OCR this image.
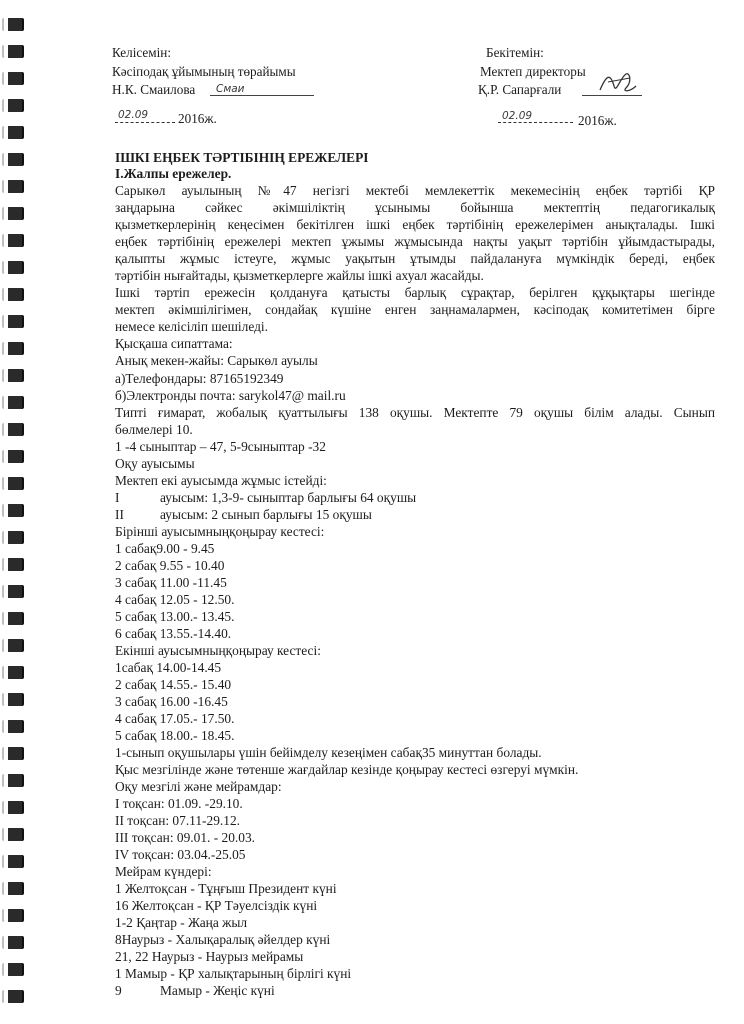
Келісемін:
Кәсіподақ ұйымының төрайымы
Н.К. Смаилова Смаи
02.09 2016ж.
Бекітемін:
Мектеп директоры
Қ.Р. Сапарғали
02.09	2016ж.
ІШКІ ЕҢБЕК ТӘРТІБІНІҢ ЕРЕЖЕЛЕРІ
І.Жалпы ережелер.
Сарыкөл ауылының №47 негізгі мектебі мемлекеттік мекемесінің еңбек тәртібі ҚР
заңдарына сәйкес әкімшіліктің ұсынымы бойынша мектептің педагогикалық
қызметкерлерінің кеңесімен бекітілген ішкі еңбек тәртібінің ережелерімен анықталады. Ішкі
еңбек тәртібінің ережелері мектеп ұжымы жұмысында нақты уақыт тәртібін ұйымдастырады,
қалыпты жұмыс істеуге, жұмыс уақытын ұтымды пайдалануға мүмкіндік береді, еңбек
тәртібін нығайтады, қызметкерлерге жайлы ішкі ахуал жасайды.
Ішкі тәртіп ережесін қолдануға қатысты барлық сұрақтар, берілген құқықтары шегінде
мектеп әкімшілігімен, сондайақ күшіне енген заңнамалармен, кәсіподақ комитетімен бірге
немесе келісіліп шешіледі.
Қысқаша сипаттама:
Анық мекен-жайы: Сарыкөл ауылы
а)Телефондары: 87165192349
б)Электронды почта: sarykol47@ mail.ru
Типті ғимарат, жобалық қуаттылығы 138 оқушы. Мектепте 79 оқушы білім алады. Сынып
бөлмелері 10.
1 -4 сыныптар – 47, 5-9сыныптар -32
Оқу ауысымы
Мектеп екі ауысымда жұмыс істейді:
І	ауысым: 1,3-9- сыныптар барлығы 64 оқушы
ІІ	ауысым: 2 сынып барлығы 15 оқушы
Бірінші ауысымныңқоңырау кестесі:
1 сабақ9.00 - 9.45
2 сабақ 9.55 - 10.40
3 сабақ 11.00 -11.45
4 сабақ 12.05 - 12.50.
5 сабақ 13.00.- 13.45.
6 сабақ 13.55.-14.40.
Екінші ауысымныңқоңырау кестесі:
1сабақ 14.00-14.45
2 сабақ 14.55.- 15.40
3 сабақ 16.00 -16.45
4 сабақ 17.05.- 17.50.
5 сабақ 18.00.- 18.45.
1-сынып оқушылары үшін бейімделу кезеңімен сабақ35 минуттан болады.
Қыс мезгілінде және төтенше жағдайлар кезінде қоңырау кестесі өзгеруі мүмкін.
Оқу мезгілі және мейрамдар:
І тоқсан: 01.09. -29.10.
ІІ тоқсан: 07.11-29.12.
ІІІ тоқсан: 09.01. - 20.03.
ІV тоқсан: 03.04.-25.05
Мейрам күндері:
1 Желтоқсан - Тұңғыш Президент күні
16 Желтоқсан - ҚР Тәуелсіздік күні
1-2 Қаңтар - Жаңа жыл
8Наурыз - Халықаралық әйелдер күні
21, 22 Наурыз - Наурыз мейрамы
1 Мамыр - ҚР халықтарының бірлігі күні
9	Мамыр - Жеңіс күні
